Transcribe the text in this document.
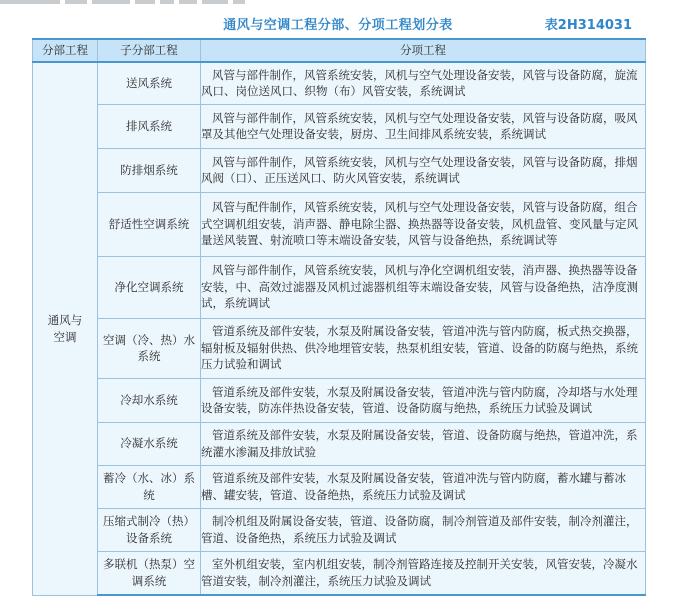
通风与空调工程分部、分项工程划分表	表2H314031
分部工程	子分部工程	分项工程
通风与
空调	送风系统	风管与部件制作，风管系统安装，风机与空气处理设备安装，风管与设备防腐，旋流风口、岗位送风口、织物（布）风管安装，系统调试
	排风系统	风管与部件制作，风管系统安装，风机与空气处理设备安装，风管与设备防腐，吸风罩及其他空气处理设备安装，厨房、卫生间排风系统安装，系统调试
	防排烟系统	风管与部件制作，风管系统安装，风机与空气处理设备安装，风管与设备防腐，排烟风阀（口）、正压送风口、防火风管安装，系统调试
	舒适性空调系统	风管与配件制作，风管系统安装，风机与空气处理设备安装，风管与设备防腐，组合式空调机组安装，消声器、静电除尘器、换热器等设备安装，风机盘管、变风量与定风量送风装置、射流喷口等末端设备安装，风管与设备绝热，系统调试等
	净化空调系统	风管与部件制作，风管系统安装，风机与净化空调机组安装，消声器、换热器等设备安装，中、高效过滤器及风机过滤器机组等末端设备安装，风管与设备绝热，洁净度测试，系统调试
	空调（冷、热）水系统	管道系统及部件安装，水泵及附属设备安装，管道冲洗与管内防腐，板式热交换器，辐射板及辐射供热、供冷地埋管安装，热泵机组安装，管道、设备的防腐与绝热，系统压力试验和调试
	冷却水系统	管道系统及部件安装，水泵及附属设备安装，管道冲洗与管内防腐，冷却塔与水处理设备安装，防冻伴热设备安装，管道、设备防腐与绝热，系统压力试验及调试
	冷凝水系统	管道系统及部件安装，水泵及附属设备安装，管道、设备防腐与绝热，管道冲洗，系统灌水渗漏及排放试验
	蓄冷（水、冰）系统	管道系统及部件安装，水泵及附属设备安装，管道冲洗与管内防腐，蓄水罐与蓄冰槽、罐安装，管道、设备绝热，系统压力试验及调试
	压缩式制冷（热）设备系统	制冷机组及附属设备安装，管道、设备防腐，制冷剂管道及部件安装，制冷剂灌注，管道、设备绝热，系统压力试验及调试
	多联机（热泵）空调系统	室外机组安装，室内机组安装，制冷剂管路连接及控制开关安装，风管安装，冷凝水管道安装，制冷剂灌注，系统压力试验及调试
